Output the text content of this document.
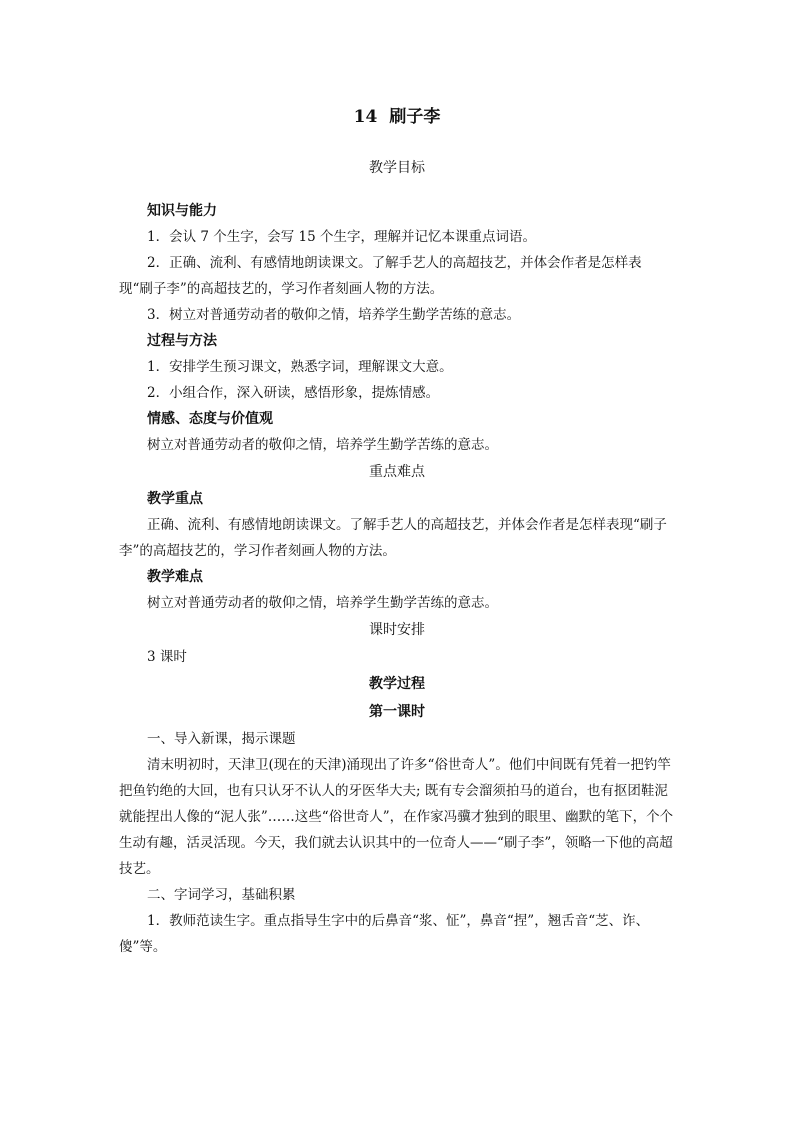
14 刷子李
教学目标
知识与能力

1．会认 7 个生字，会写 15 个生字，理解并记忆本课重点词语。

2．正确、流利、有感情地朗读课文。了解手艺人的高超技艺，并体会作者是怎样表现“刷子李”的高超技艺的，学习作者刻画人物的方法。

3．树立对普通劳动者的敬仰之情，培养学生勤学苦练的意志。

过程与方法

1．安排学生预习课文，熟悉字词，理解课文大意。

2．小组合作，深入研读，感悟形象，提炼情感。

情感、态度与价值观

树立对普通劳动者的敬仰之情，培养学生勤学苦练的意志。

重点难点
教学重点

正确、流利、有感情地朗读课文。了解手艺人的高超技艺，并体会作者是怎样表现“刷子李”的高超技艺的，学习作者刻画人物的方法。

教学难点

树立对普通劳动者的敬仰之情，培养学生勤学苦练的意志。

课时安排

3 课时

教学过程
第一课时

一、导入新课，揭示课题

清末明初时，天津卫(现在的天津)涌现出了许多“俗世奇人”。他们中间既有凭着一把钓竿把鱼钓绝的大回，也有只认牙不认人的牙医华大夫; 既有专会溜须拍马的道台，也有抠团鞋泥就能捏出人像的“泥人张”……这些“俗世奇人”，在作家冯骥才独到的眼里、幽默的笔下，个个生动有趣，活灵活现。今天，我们就去认识其中的一位奇人——“刷子李”，领略一下他的高超技艺。

二、字词学习，基础积累

1．教师范读生字。重点指导生字中的后鼻音“浆、怔”，鼻音“捏”，翘舌音“芝、诈、傻”等。
